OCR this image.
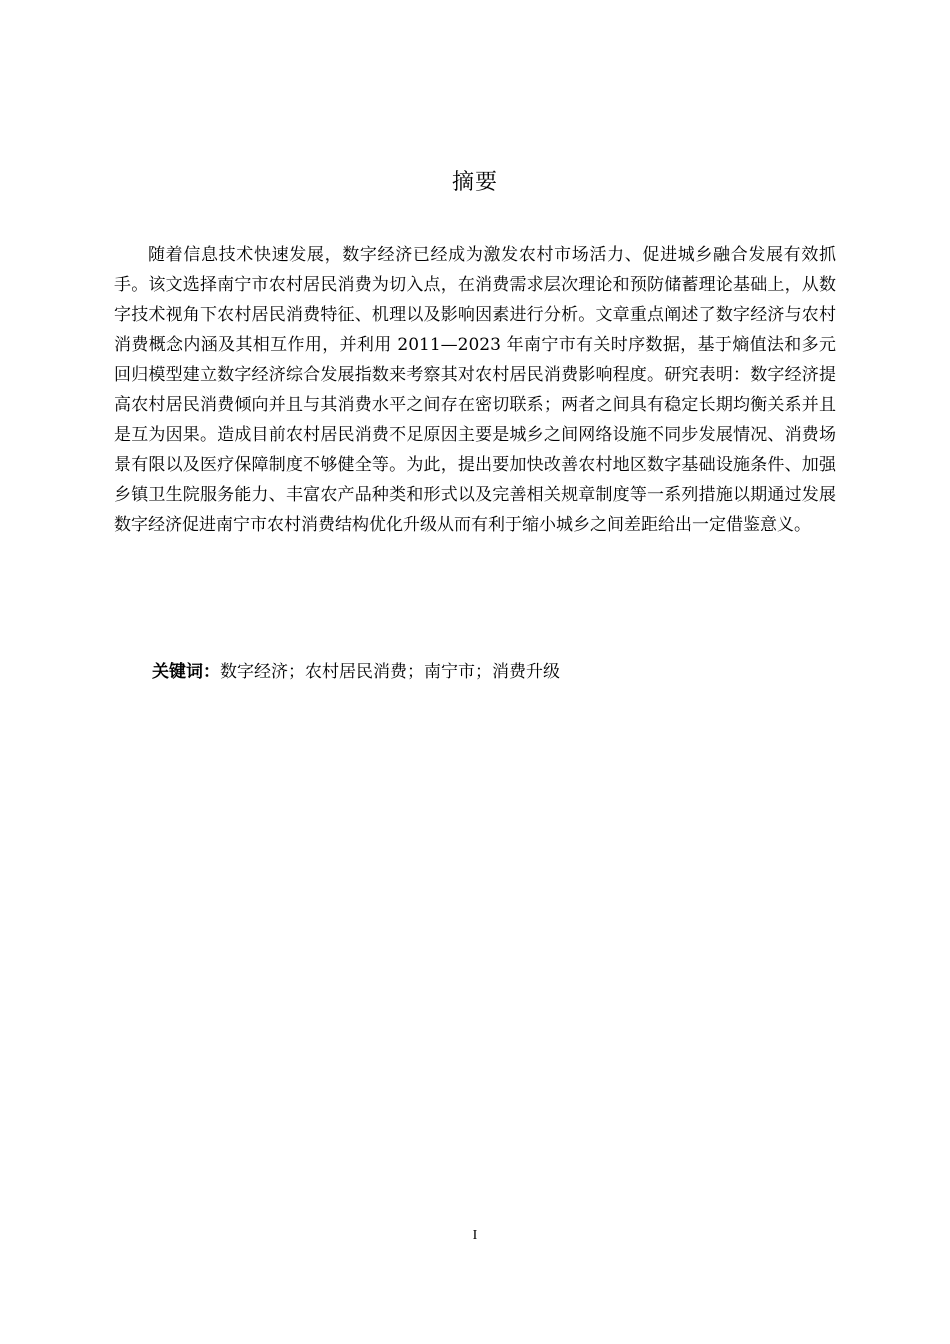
摘要

随着信息技术快速发展，数字经济已经成为激发农村市场活力、促进城乡融合发展有效抓手。该文选择南宁市农村居民消费为切入点，在消费需求层次理论和预防储蓄理论基础上，从数字技术视角下农村居民消费特征、机理以及影响因素进行分析。文章重点阐述了数字经济与农村消费概念内涵及其相互作用，并利用 2011—2023 年南宁市有关时序数据，基于熵值法和多元回归模型建立数字经济综合发展指数来考察其对农村居民消费影响程度。研究表明：数字经济提高农村居民消费倾向并且与其消费水平之间存在密切联系；两者之间具有稳定长期均衡关系并且是互为因果。造成目前农村居民消费不足原因主要是城乡之间网络设施不同步发展情况、消费场景有限以及医疗保障制度不够健全等。为此，提出要加快改善农村地区数字基础设施条件、加强乡镇卫生院服务能力、丰富农产品种类和形式以及完善相关规章制度等一系列措施以期通过发展数字经济促进南宁市农村消费结构优化升级从而有利于缩小城乡之间差距给出一定借鉴意义。

关键词：数字经济；农村居民消费；南宁市；消费升级

I
